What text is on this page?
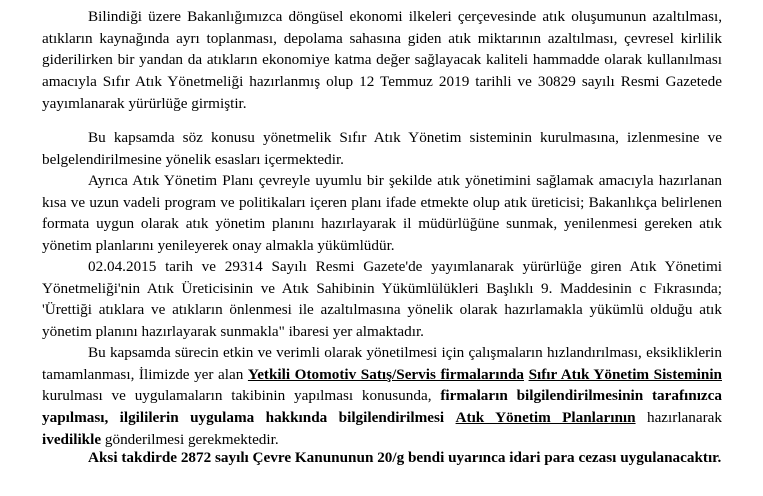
Bilindiği üzere Bakanlığımızca döngüsel ekonomi ilkeleri çerçevesinde atık oluşumunun azaltılması, atıkların kaynağında ayrı toplanması, depolama sahasına giden atık miktarının azaltılması, çevresel kirlilik giderilirken bir yandan da atıkların ekonomiye katma değer sağlayacak kaliteli hammadde olarak kullanılması amacıyla Sıfır Atık Yönetmeliği hazırlanmış olup 12 Temmuz 2019 tarihli ve 30829 sayılı Resmi Gazetede yayımlanarak yürürlüğe girmiştir.

Bu kapsamda söz konusu yönetmelik Sıfır Atık Yönetim sisteminin kurulmasına, izlenmesine ve belgelendirilmesine yönelik esasları içermektedir.

Ayrıca Atık Yönetim Planı çevreyle uyumlu bir şekilde atık yönetimini sağlamak amacıyla hazırlanan kısa ve uzun vadeli program ve politikaları içeren planı ifade etmekte olup atık üreticisi; Bakanlıkça belirlenen formata uygun olarak atık yönetim planını hazırlayarak il müdürlüğüne sunmak, yenilenmesi gereken atık yönetim planlarını yenileyerek onay almakla yükümlüdür.

02.04.2015 tarih ve 29314 Sayılı Resmi Gazete'de yayımlanarak yürürlüğe giren Atık Yönetimi Yönetmeliği'nin Atık Üreticisinin ve Atık Sahibinin Yükümlülükleri Başlıklı 9. Maddesinin c Fıkrasında; 'Ürettiği atıklara ve atıkların önlenmesi ile azaltılmasına yönelik olarak hazırlamakla yükümlü olduğu atık yönetim planını hazırlayarak sunmakla" ibaresi yer almaktadır.

Bu kapsamda sürecin etkin ve verimli olarak yönetilmesi için çalışmaların hızlandırılması, eksikliklerin tamamlanması, İlimizde yer alan Yetkili Otomotiv Satış/Servis firmalarında Sıfır Atık Yönetim Sisteminin kurulması ve uygulamaların takibinin yapılması konusunda, firmaların bilgilendirilmesinin tarafınızca yapılması, ilgililerin uygulama hakkında bilgilendirilmesi Atık Yönetim Planlarının hazırlanarak ivedilikle gönderilmesi gerekmektedir.

Aksi takdirde 2872 sayılı Çevre Kanununun 20/g bendi uyarınca idari para cezası uygulanacaktır.
